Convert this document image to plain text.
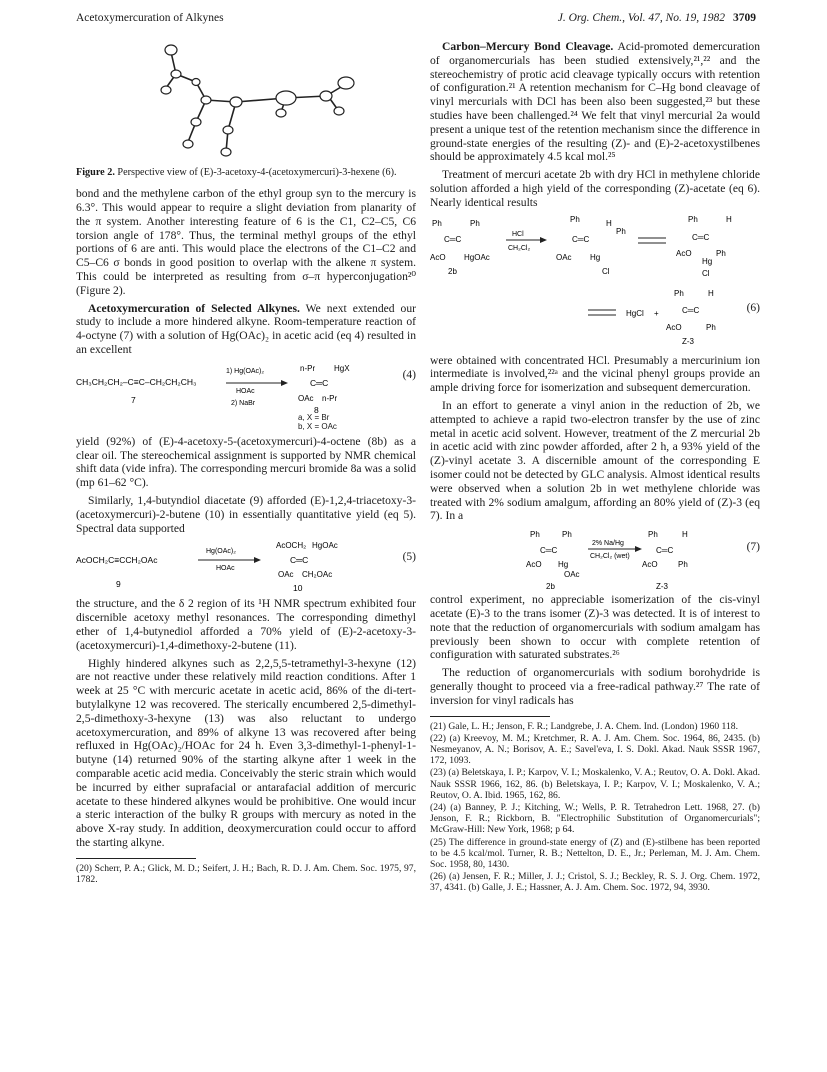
Acetoxymercuration of Alkynes	J. Org. Chem., Vol. 47, No. 19, 1982 3709

Figure 2. Perspective view of (E)-3-acetoxy-4-(acetoxymercuri)-3-hexene (6).

bond and the methylene carbon of the ethyl group syn to the mercury is 6.3°. This would appear to require a slight deviation from planarity of the π system. Another interesting feature of 6 is the C1, C2–C5, C6 torsion angle of 178°. Thus, the terminal methyl groups of the ethyl portions of 6 are anti. This would place the electrons of the C1–C2 and C5–C6 σ bonds in good position to overlap with the alkene π system. This could be interpreted as resulting from σ–π hyperconjugation²⁰ (Figure 2).

Acetoxymercuration of Selected Alkynes. We next extended our study to include a more hindered alkyne. Room-temperature reaction of 4-octyne (7) with a solution of Hg(OAc)₂ in acetic acid (eq 4) resulted in an excellent

CH₃CH₂CH₂–C≡C–CH₂CH₂CH₃
7
1) Hg(OAc)₂
HOAc
2) NaBr
n-Pr HgX
C═C
OAc n-Pr
8
(4)
a, X = Br
b, X = OAc

yield (92%) of (E)-4-acetoxy-5-(acetoxymercuri)-4-octene (8b) as a clear oil. The stereochemical assignment is supported by NMR chemical shift data (vide infra). The corresponding mercuri bromide 8a was a solid (mp 61–62 °C).

Similarly, 1,4-butyndiol diacetate (9) afforded (E)-1,2,4-triacetoxy-3-(acetoxymercuri)-2-butene (10) in essentially quantitative yield (eq 5). Spectral data supported

AcOCH₂C≡CCH₂OAc
9
Hg(OAc)₂
HOAc
AcOCH₂ HgOAc
C═C
OAc CH₂OAc
10
(5)

the structure, and the δ 2 region of its ¹H NMR spectrum exhibited four discernible acetoxy methyl resonances. The corresponding dimethyl ether of 1,4-butynediol afforded a 70% yield of (E)-2-acetoxy-3-(acetoxymercuri)-1,4-dimethoxy-2-butene (11).

Highly hindered alkynes such as 2,2,5,5-tetramethyl-3-hexyne (12) are not reactive under these relatively mild reaction conditions. After 1 week at 25 °C with mercuric acetate in acetic acid, 86% of the di-tert-butylalkyne 12 was recovered. The sterically encumbered 2,5-dimethyl-2,5-dimethoxy-3-hexyne (13) was also reluctant to undergo acetoxymercuration, and 89% of alkyne 13 was recovered after being refluxed in Hg(OAc)₂/HOAc for 24 h. Even 3,3-dimethyl-1-phenyl-1-butyne (14) returned 90% of the starting alkyne after 1 week in the comparable acetic acid media. Conceivably the steric strain which would be incurred by either suprafacial or antarafacial addition of mercuric acetate to these hindered alkynes would be prohibitive. One would incur a steric interaction of the bulky R groups with mercury as noted in the above X-ray study. In addition, deoxymercuration could occur to afford the starting alkyne.

(20) Scherr, P. A.; Glick, M. D.; Seifert, J. H.; Bach, R. D. J. Am. Chem. Soc. 1975, 97, 1782.

Carbon–Mercury Bond Cleavage. Acid-promoted demercuration of organomercurials has been studied extensively,²¹,²² and the stereochemistry of protic acid cleavage typically occurs with retention of configuration.²¹ A retention mechanism for C–Hg bond cleavage of vinyl mercurials with DCl has been also been suggested,²³ but these studies have been challenged.²⁴ We felt that vinyl mercurial 2a would present a unique test of the retention mechanism since the difference in ground-state energies of the resulting (Z)- and (E)-2-acetoxystilbenes should be approximately 4.5 kcal mol.²⁵

Treatment of mercuri acetate 2b with dry HCl in methylene chloride solution afforded a high yield of the corresponding (Z)-acetate (eq 6). Nearly identical results

Ph	Ph
C═C
AcO HgOAc
2b
HCl
CH₂Cl₂
Ph	H
Ph
C═C
OAc Hg
Cl
Ph	H
C═C
AcO	Ph
Hg
Cl
HgCl +
Ph	H
C═C
AcO	Ph
Z-3
(6)

were obtained with concentrated HCl. Presumably a mercurinium ion intermediate is involved,²²ᵃ and the vicinal phenyl groups provide an ample driving force for isomerization and subsequent demercuration.

In an effort to generate a vinyl anion in the reduction of 2b, we attempted to achieve a rapid two-electron transfer by the use of zinc metal in acetic acid solvent. However, treatment of the Z mercurial 2b in acetic acid with zinc powder afforded, after 2 h, a 93% yield of the (Z)-vinyl acetate 3. A discernible amount of the corresponding E isomer could not be detected by GLC analysis. Almost identical results were observed when a solution 2b in wet methylene chloride was treated with 2% sodium amalgum, affording an 80% yield of (Z)-3 (eq 7). In a

Ph	Ph
C═C
AcO Hg
OAc
2b
2% Na/Hg
CH₂Cl₂ (wet)
Ph	H
C═C
AcO	Ph
Z-3
(7)

control experiment, no appreciable isomerization of the cis-vinyl acetate (E)-3 to the trans isomer (Z)-3 was detected. It is of interest to note that the reduction of organomercurials with sodium amalgam has previously been shown to occur with complete retention of configuration with saturated substrates.²⁶

The reduction of organomercurials with sodium borohydride is generally thought to proceed via a free-radical pathway.²⁷ The rate of inversion for vinyl radicals has

(21) Gale, L. H.; Jenson, F. R.; Landgrebe, J. A. Chem. Ind. (London) 1960 118.

(22) (a) Kreevoy, M. M.; Kretchmer, R. A. J. Am. Chem. Soc. 1964, 86, 2435. (b) Nesmeyanov, A. N.; Borisov, A. E.; Savel'eva, I. S. Dokl. Akad. Nauk SSSR 1967, 172, 1093.

(23) (a) Beletskaya, I. P.; Karpov, V. I.; Moskalenko, V. A.; Reutov, O. A. Dokl. Akad. Nauk SSSR 1966, 162, 86. (b) Beletskaya, I. P.; Karpov, V. I.; Moskalenko, V. A.; Reutov, O. A. Ibid. 1965, 162, 86.

(24) (a) Banney, P. J.; Kitching, W.; Wells, P. R. Tetrahedron Lett. 1968, 27. (b) Jenson, F. R.; Rickborn, B. "Electrophilic Substitution of Organomercurials"; McGraw-Hill: New York, 1968; p 64.

(25) The difference in ground-state energy of (Z) and (E)-stilbene has been reported to be 4.5 kcal/mol. Turner, R. B.; Nettelton, D. E., Jr.; Perleman, M. J. Am. Chem. Soc. 1958, 80, 1430.

(26) (a) Jensen, F. R.; Miller, J. J.; Cristol, S. J.; Beckley, R. S. J. Org. Chem. 1972, 37, 4341. (b) Galle, J. E.; Hassner, A. J. Am. Chem. Soc. 1972, 94, 3930.
